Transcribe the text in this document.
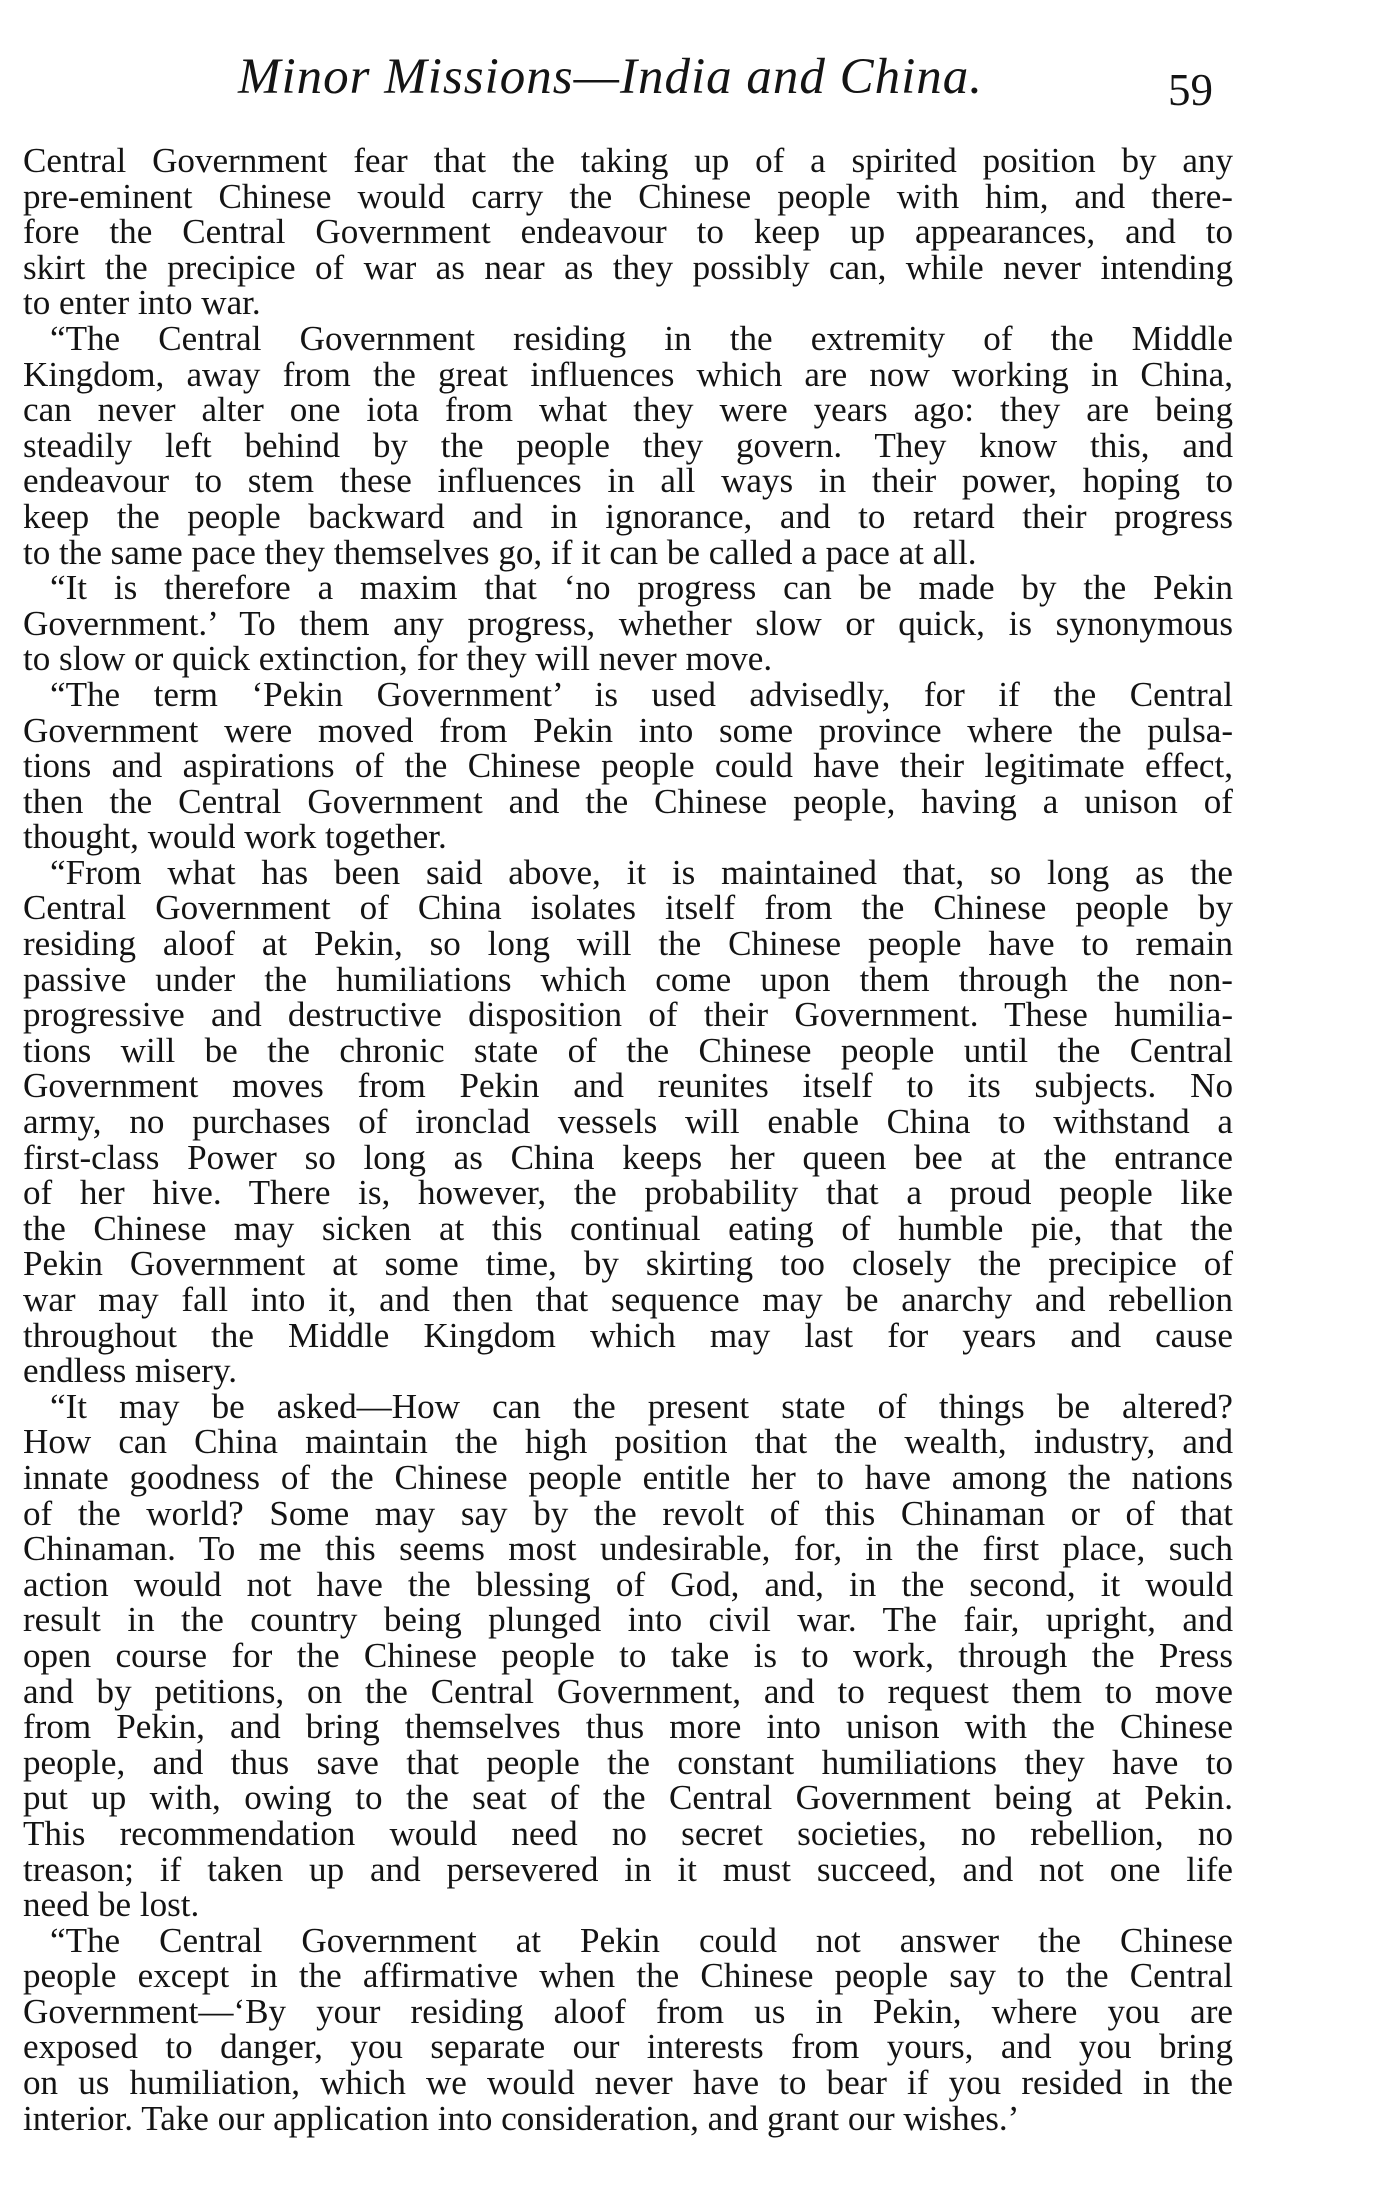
Minor Missions—India and China.	59
Central Government fear that the taking up of a spirited position by any
pre-eminent Chinese would carry the Chinese people with him, and there-
fore the Central Government endeavour to keep up appearances, and to
skirt the precipice of war as near as they possibly can, while never intending
to enter into war.
“The Central Government residing in the extremity of the Middle
Kingdom, away from the great influences which are now working in China,
can never alter one iota from what they were years ago: they are being
steadily left behind by the people they govern. They know this, and
endeavour to stem these influences in all ways in their power, hoping to
keep the people backward and in ignorance, and to retard their progress
to the same pace they themselves go, if it can be called a pace at all.
“It is therefore a maxim that ‘no progress can be made by the Pekin
Government.’ To them any progress, whether slow or quick, is synonymous
to slow or quick extinction, for they will never move.
“The term ‘Pekin Government’ is used advisedly, for if the Central
Government were moved from Pekin into some province where the pulsa-
tions and aspirations of the Chinese people could have their legitimate effect,
then the Central Government and the Chinese people, having a unison of
thought, would work together.
“From what has been said above, it is maintained that, so long as the
Central Government of China isolates itself from the Chinese people by
residing aloof at Pekin, so long will the Chinese people have to remain
passive under the humiliations which come upon them through the non-
progressive and destructive disposition of their Government. These humilia-
tions will be the chronic state of the Chinese people until the Central
Government moves from Pekin and reunites itself to its subjects. No
army, no purchases of ironclad vessels will enable China to withstand a
first-class Power so long as China keeps her queen bee at the entrance
of her hive. There is, however, the probability that a proud people like
the Chinese may sicken at this continual eating of humble pie, that the
Pekin Government at some time, by skirting too closely the precipice of
war may fall into it, and then that sequence may be anarchy and rebellion
throughout the Middle Kingdom which may last for years and cause
endless misery.
“It may be asked—How can the present state of things be altered?
How can China maintain the high position that the wealth, industry, and
innate goodness of the Chinese people entitle her to have among the nations
of the world? Some may say by the revolt of this Chinaman or of that
Chinaman. To me this seems most undesirable, for, in the first place, such
action would not have the blessing of God, and, in the second, it would
result in the country being plunged into civil war. The fair, upright, and
open course for the Chinese people to take is to work, through the Press
and by petitions, on the Central Government, and to request them to move
from Pekin, and bring themselves thus more into unison with the Chinese
people, and thus save that people the constant humiliations they have to
put up with, owing to the seat of the Central Government being at Pekin.
This recommendation would need no secret societies, no rebellion, no
treason; if taken up and persevered in it must succeed, and not one life
need be lost.
“The Central Government at Pekin could not answer the Chinese
people except in the affirmative when the Chinese people say to the Central
Government—‘By your residing aloof from us in Pekin, where you are
exposed to danger, you separate our interests from yours, and you bring
on us humiliation, which we would never have to bear if you resided in the
interior. Take our application into consideration, and grant our wishes.’
